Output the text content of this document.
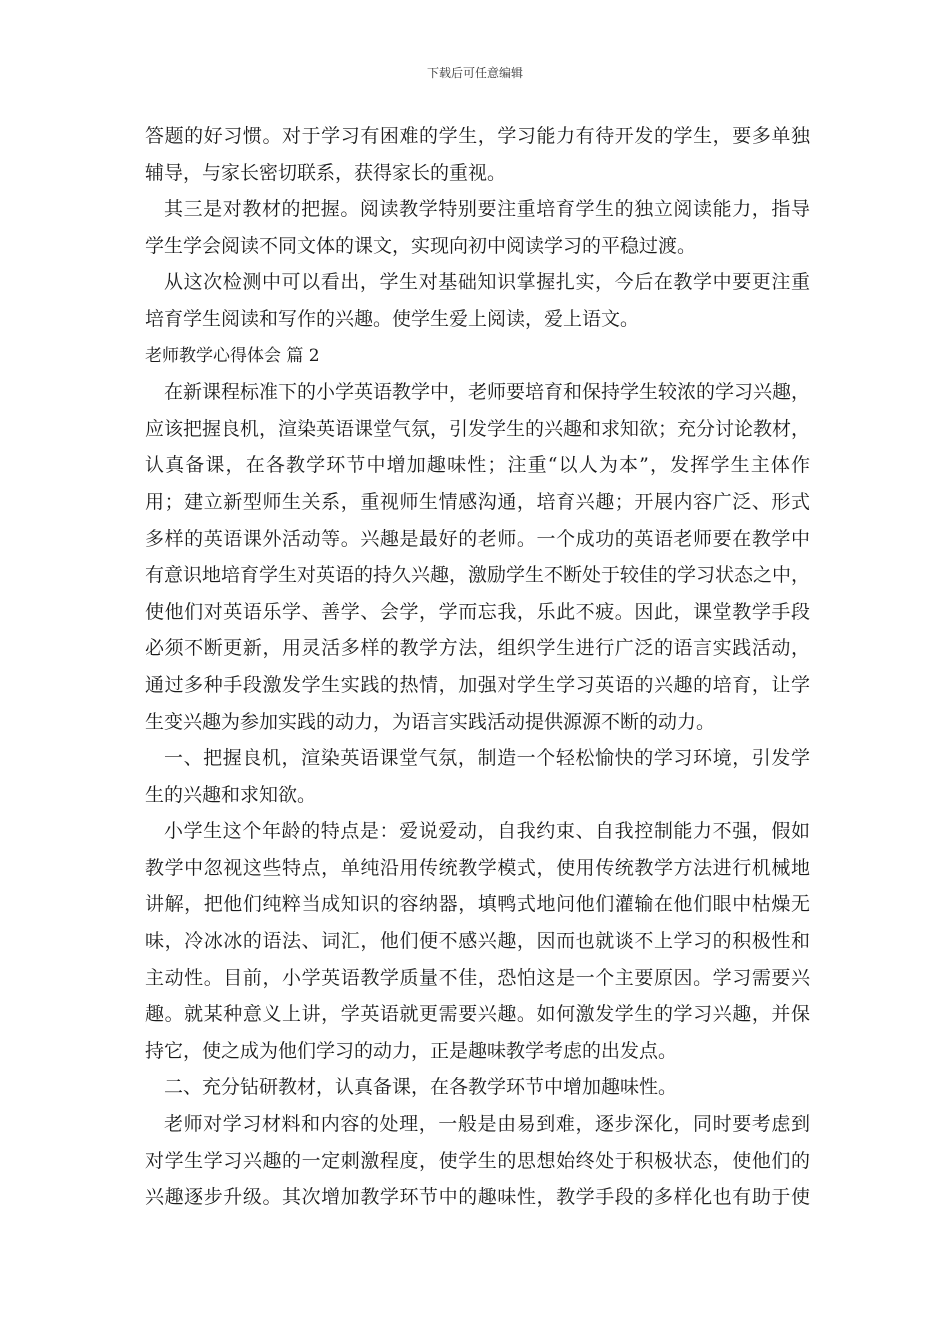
下载后可任意编辑
答题的好习惯。对于学习有困难的学生，学习能力有待开发的学生，要多单独
辅导，与家长密切联系，获得家长的重视。
其三是对教材的把握。阅读教学特别要注重培育学生的独立阅读能力，指导
学生学会阅读不同文体的课文，实现向初中阅读学习的平稳过渡。
从这次检测中可以看出，学生对基础知识掌握扎实，今后在教学中要更注重
培育学生阅读和写作的兴趣。使学生爱上阅读，爱上语文。
老师教学心得体会 篇 2
在新课程标准下的小学英语教学中，老师要培育和保持学生较浓的学习兴趣，
应该把握良机，渲染英语课堂气氛，引发学生的兴趣和求知欲；充分讨论教材，
认真备课，在各教学环节中增加趣味性；注重“以人为本”，发挥学生主体作
用；建立新型师生关系，重视师生情感沟通，培育兴趣；开展内容广泛、形式
多样的英语课外活动等。兴趣是最好的老师。一个成功的英语老师要在教学中
有意识地培育学生对英语的持久兴趣，激励学生不断处于较佳的学习状态之中，
使他们对英语乐学、善学、会学，学而忘我，乐此不疲。因此，课堂教学手段
必须不断更新，用灵活多样的教学方法，组织学生进行广泛的语言实践活动，
通过多种手段激发学生实践的热情，加强对学生学习英语的兴趣的培育，让学
生变兴趣为参加实践的动力，为语言实践活动提供源源不断的动力。
一、把握良机，渲染英语课堂气氛，制造一个轻松愉快的学习环境，引发学
生的兴趣和求知欲。
小学生这个年龄的特点是：爱说爱动，自我约束、自我控制能力不强，假如
教学中忽视这些特点，单纯沿用传统教学模式，使用传统教学方法进行机械地
讲解，把他们纯粹当成知识的容纳器，填鸭式地问他们灌输在他们眼中枯燥无
味，冷冰冰的语法、词汇，他们便不感兴趣，因而也就谈不上学习的积极性和
主动性。目前，小学英语教学质量不佳，恐怕这是一个主要原因。学习需要兴
趣。就某种意义上讲，学英语就更需要兴趣。如何激发学生的学习兴趣，并保
持它，使之成为他们学习的动力，正是趣味教学考虑的出发点。
二、充分钻研教材，认真备课，在各教学环节中增加趣味性。
老师对学习材料和内容的处理，一般是由易到难，逐步深化，同时要考虑到
对学生学习兴趣的一定刺激程度，使学生的思想始终处于积极状态，使他们的
兴趣逐步升级。其次增加教学环节中的趣味性，教学手段的多样化也有助于使
